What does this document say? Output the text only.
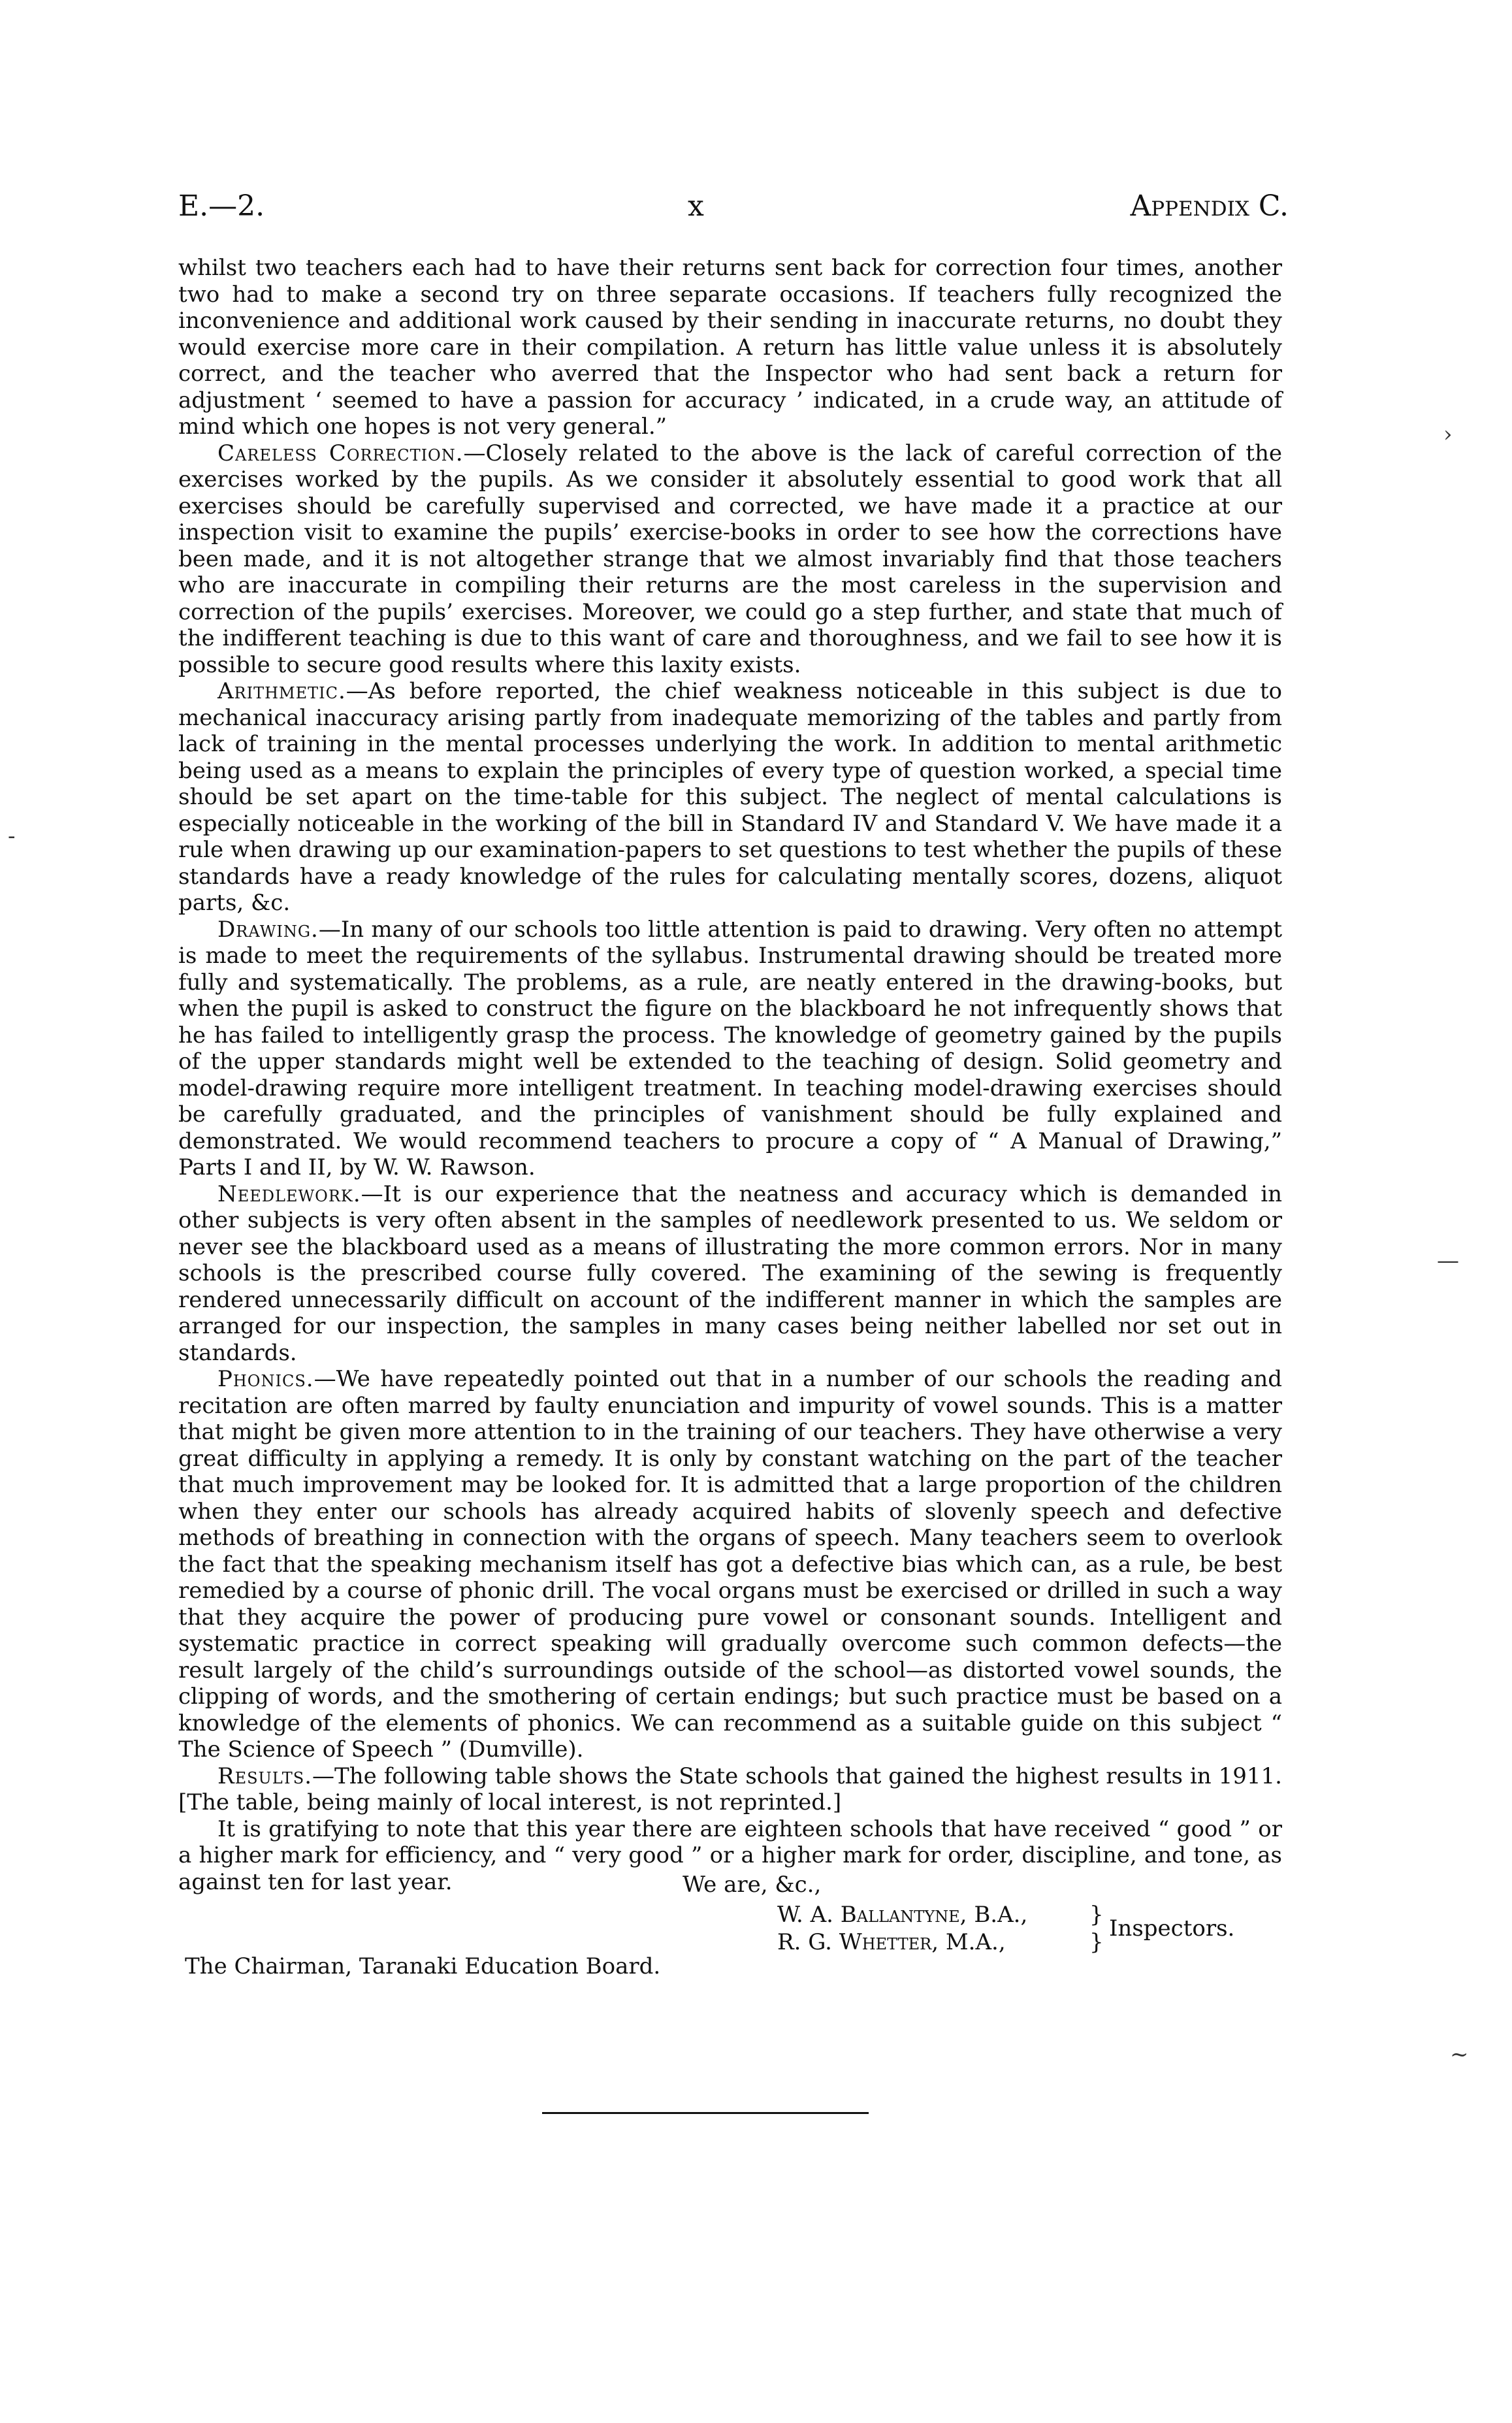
E.—2.	x	Appendix C.

whilst two teachers each had to have their returns sent back for correction four times, another two had to make a second try on three separate occasions. If teachers fully recognized the inconvenience and additional work caused by their sending in inaccurate returns, no doubt they would exercise more care in their compilation. A return has little value unless it is absolutely correct, and the teacher who averred that the Inspector who had sent back a return for adjustment ‘ seemed to have a passion for accuracy ’ indicated, in a crude way, an attitude of mind which one hopes is not very general.”

Careless Correction.—Closely related to the above is the lack of careful correction of the exercises worked by the pupils. As we consider it absolutely essential to good work that all exercises should be carefully supervised and corrected, we have made it a practice at our inspection visit to examine the pupils’ exercise-books in order to see how the corrections have been made, and it is not altogether strange that we almost invariably find that those teachers who are inaccurate in compiling their returns are the most careless in the supervision and correction of the pupils’ exercises. Moreover, we could go a step further, and state that much of the indifferent teaching is due to this want of care and thoroughness, and we fail to see how it is possible to secure good results where this laxity exists.

Arithmetic.—As before reported, the chief weakness noticeable in this subject is due to mechanical inaccuracy arising partly from inadequate memorizing of the tables and partly from lack of training in the mental processes underlying the work. In addition to mental arithmetic being used as a means to explain the principles of every type of question worked, a special time should be set apart on the time-table for this subject. The neglect of mental calculations is especially noticeable in the working of the bill in Standard IV and Standard V. We have made it a rule when drawing up our examination-papers to set questions to test whether the pupils of these standards have a ready knowledge of the rules for calculating mentally scores, dozens, aliquot parts, &c.

Drawing.—In many of our schools too little attention is paid to drawing. Very often no attempt is made to meet the requirements of the syllabus. Instrumental drawing should be treated more fully and systematically. The problems, as a rule, are neatly entered in the drawing-books, but when the pupil is asked to construct the figure on the blackboard he not infrequently shows that he has failed to intelligently grasp the process. The knowledge of geometry gained by the pupils of the upper standards might well be extended to the teaching of design. Solid geometry and model-drawing require more intelligent treatment. In teaching model-drawing exercises should be carefully graduated, and the principles of vanishment should be fully explained and demonstrated. We would recommend teachers to procure a copy of “ A Manual of Drawing,” Parts I and II, by W. W. Rawson.

Needlework.—It is our experience that the neatness and accuracy which is demanded in other subjects is very often absent in the samples of needlework presented to us. We seldom or never see the blackboard used as a means of illustrating the more common errors. Nor in many schools is the prescribed course fully covered. The examining of the sewing is frequently rendered unnecessarily difficult on account of the indifferent manner in which the samples are arranged for our inspection, the samples in many cases being neither labelled nor set out in standards.

Phonics.—We have repeatedly pointed out that in a number of our schools the reading and recitation are often marred by faulty enunciation and impurity of vowel sounds. This is a matter that might be given more attention to in the training of our teachers. They have otherwise a very great difficulty in applying a remedy. It is only by constant watching on the part of the teacher that much improvement may be looked for. It is admitted that a large proportion of the children when they enter our schools has already acquired habits of slovenly speech and defective methods of breathing in connection with the organs of speech. Many teachers seem to overlook the fact that the speaking mechanism itself has got a defective bias which can, as a rule, be best remedied by a course of phonic drill. The vocal organs must be exercised or drilled in such a way that they acquire the power of producing pure vowel or consonant sounds. Intelligent and systematic practice in correct speaking will gradually overcome such common defects—the result largely of the child’s surroundings outside of the school—as distorted vowel sounds, the clipping of words, and the smothering of certain endings; but such practice must be based on a knowledge of the elements of phonics. We can recommend as a suitable guide on this subject “ The Science of Speech ” (Dumville).

Results.—The following table shows the State schools that gained the highest results in 1911. [The table, being mainly of local interest, is not reprinted.]

It is gratifying to note that this year there are eighteen schools that have received “ good ” or a higher mark for efficiency, and “ very good ” or a higher mark for order, discipline, and tone, as against ten for last year.	We are, &c.,
W. A. Ballantyne, B.A.,
R. G. Whetter, M.A.,
}
}
Inspectors.
The Chairman, Taranaki Education Board.
›
—
~
-
